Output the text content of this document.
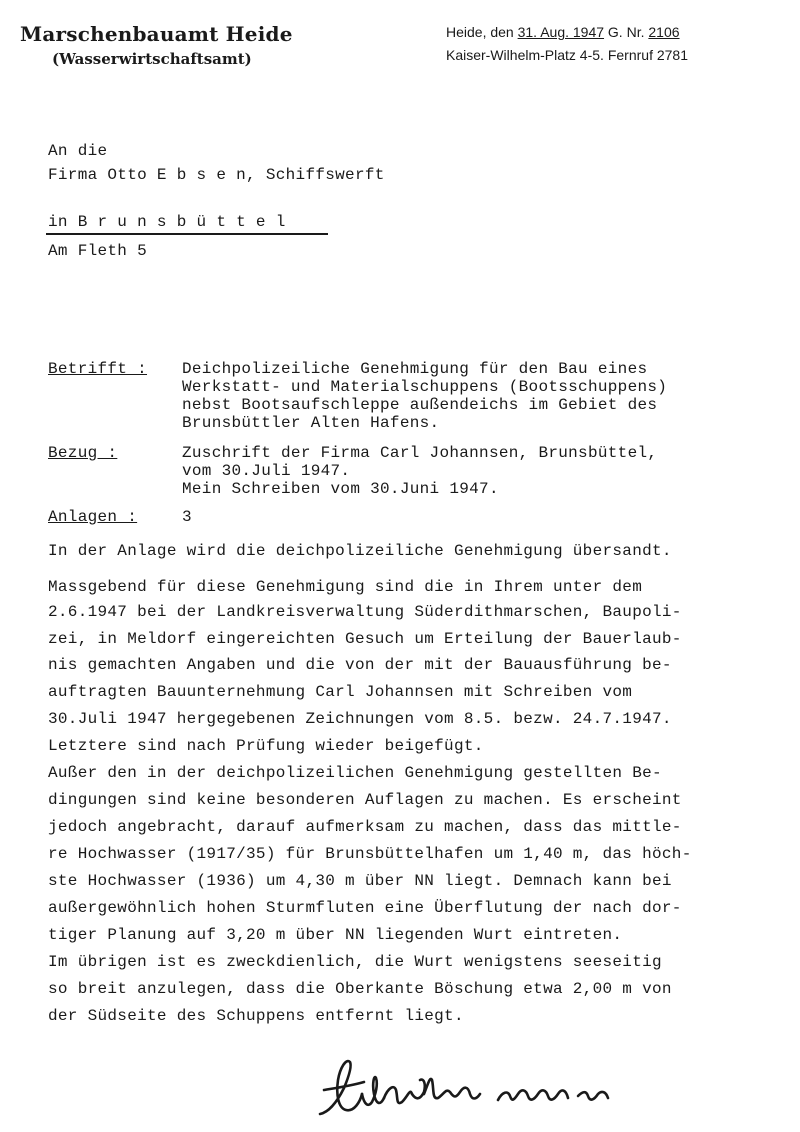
Marschenbauamt Heide
(Wasserwirtschaftsamt)
Heide, den 31. Aug. 1947 G. Nr. 2106
Kaiser-Wilhelm-Platz 4-5. Fernruf 2781
An die
Firma Otto E b s e n, Schiffswerft
in B r u n s b ü t t e l
Am Fleth 5
Betrifft : Deichpolizeiliche Genehmigung für den Bau eines
Werkstatt- und Materialschuppens (Bootsschuppens)
nebst Bootsaufschleppe außendeichs im Gebiet des
Brunsbüttler Alten Hafens.
Bezug :	Zuschrift der Firma Carl Johannsen, Brunsbüttel,
vom 30.Juli 1947.
Mein Schreiben vom 30.Juni 1947.
Anlagen :	3
In der Anlage wird die deichpolizeiliche Genehmigung übersandt.
Massgebend für diese Genehmigung sind die in Ihrem unter dem
2.6.1947 bei der Landkreisverwaltung Süderdithmarschen, Baupoli-
zei, in Meldorf eingereichten Gesuch um Erteilung der Bauerlaub-
nis gemachten Angaben und die von der mit der Bauausführung be-
auftragten Bauunternehmung Carl Johannsen mit Schreiben vom
30.Juli 1947 hergegebenen Zeichnungen vom 8.5. bezw. 24.7.1947.
Letztere sind nach Prüfung wieder beigefügt.
Außer den in der deichpolizeilichen Genehmigung gestellten Be-
dingungen sind keine besonderen Auflagen zu machen. Es erscheint
jedoch angebracht, darauf aufmerksam zu machen, dass das mittle-
re Hochwasser (1917/35) für Brunsbüttelhafen um 1,40 m, das höch-
ste Hochwasser (1936) um 4,30 m über NN liegt. Demnach kann bei
außergewöhnlich hohen Sturmfluten eine Überflutung der nach dor-
tiger Planung auf 3,20 m über NN liegenden Wurt eintreten.
Im übrigen ist es zweckdienlich, die Wurt wenigstens seeseitig
so breit anzulegen, dass die Oberkante Böschung etwa 2,00 m von
der Südseite des Schuppens entfernt liegt.
